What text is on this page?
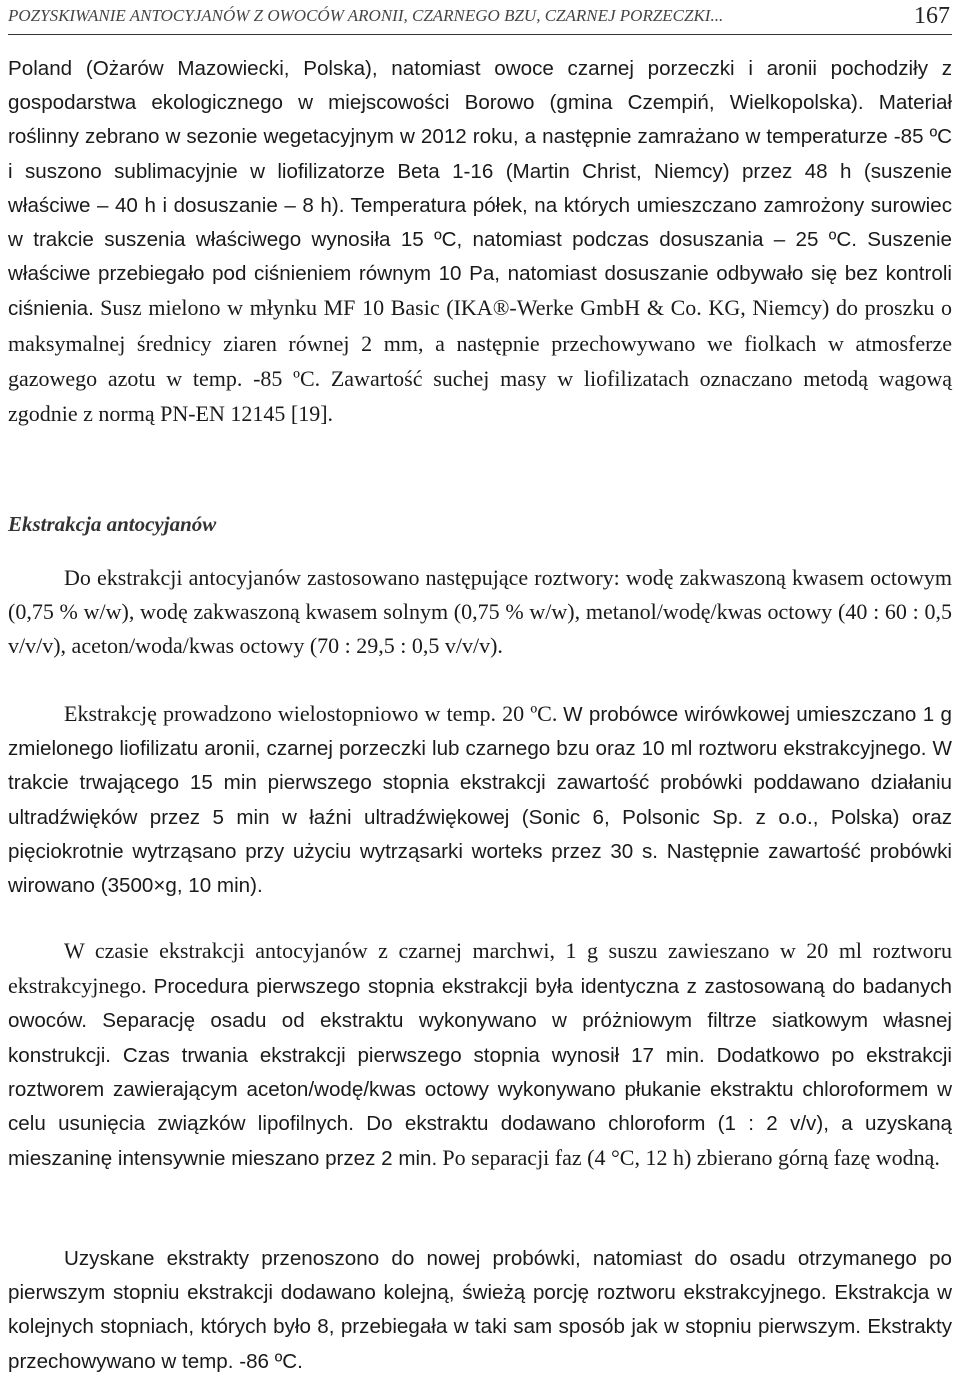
POZYSKIWANIE ANTOCYJANÓW Z OWOCÓW ARONII, CZARNEGO BZU, CZARNEJ PORZECZKI...	167

Poland (Ożarów Mazowiecki, Polska), natomiast owoce czarnej porzeczki i aronii pochodziły z gospodarstwa ekologicznego w miejscowości Borowo (gmina Czempiń, Wielkopolska). Materiał roślinny zebrano w sezonie wegetacyjnym w 2012 roku, a następnie zamrażano w temperaturze -85 ºC i suszono sublimacyjnie w liofilizatorze Beta 1-16 (Martin Christ, Niemcy) przez 48 h (suszenie właściwe – 40 h i dosuszanie – 8 h). Temperatura półek, na których umieszczano zamrożony surowiec w trakcie suszenia właściwego wynosiła 15 ºC, natomiast podczas dosuszania – 25 ºC. Suszenie właściwe przebiegało pod ciśnieniem równym 10 Pa, natomiast dosuszanie odbywało się bez kontroli ciśnienia. Susz mielono w młynku MF 10 Basic (IKA®-Werke GmbH & Co. KG, Niemcy) do proszku o maksymalnej średnicy ziaren równej 2 mm, a następnie przechowywano we fiolkach w atmosferze gazowego azotu w temp. -85 ºC. Zawartość suchej masy w liofilizatach oznaczano metodą wagową zgodnie z normą PN-EN 12145 [19].

Ekstrakcja antocyjanów

Do ekstrakcji antocyjanów zastosowano następujące roztwory: wodę zakwaszoną kwasem octowym (0,75 % w/w), wodę zakwaszoną kwasem solnym (0,75 % w/w), metanol/wodę/kwas octowy (40 : 60 : 0,5 v/v/v), aceton/woda/kwas octowy (70 : 29,5 : 0,5 v/v/v).

Ekstrakcję prowadzono wielostopniowo w temp. 20 ºC. W probówce wirówkowej umieszczano 1 g zmielonego liofilizatu aronii, czarnej porzeczki lub czarnego bzu oraz 10 ml roztworu ekstrakcyjnego. W trakcie trwającego 15 min pierwszego stopnia ekstrakcji zawartość probówki poddawano działaniu ultradźwięków przez 5 min w łaźni ultradźwiękowej (Sonic 6, Polsonic Sp. z o.o., Polska) oraz pięciokrotnie wytrząsano przy użyciu wytrząsarki worteks przez 30 s. Następnie zawartość probówki wirowano (3500×g, 10 min).

W czasie ekstrakcji antocyjanów z czarnej marchwi, 1 g suszu zawieszano w 20 ml roztworu ekstrakcyjnego. Procedura pierwszego stopnia ekstrakcji była identyczna z zastosowaną do badanych owoców. Separację osadu od ekstraktu wykonywano w próżniowym filtrze siatkowym własnej konstrukcji. Czas trwania ekstrakcji pierwszego stopnia wynosił 17 min. Dodatkowo po ekstrakcji roztworem zawierającym aceton/wodę/kwas octowy wykonywano płukanie ekstraktu chloroformem w celu usunięcia związków lipofilnych. Do ekstraktu dodawano chloroform (1 : 2 v/v), a uzyskaną mieszaninę intensywnie mieszano przez 2 min. Po separacji faz (4 °C, 12 h) zbierano górną fazę wodną.

Uzyskane ekstrakty przenoszono do nowej probówki, natomiast do osadu otrzymanego po pierwszym stopniu ekstrakcji dodawano kolejną, świeżą porcję roztworu ekstrakcyjnego. Ekstrakcja w kolejnych stopniach, których było 8, przebiegała w taki sam sposób jak w stopniu pierwszym. Ekstrakty przechowywano w temp. -86 ºC.
